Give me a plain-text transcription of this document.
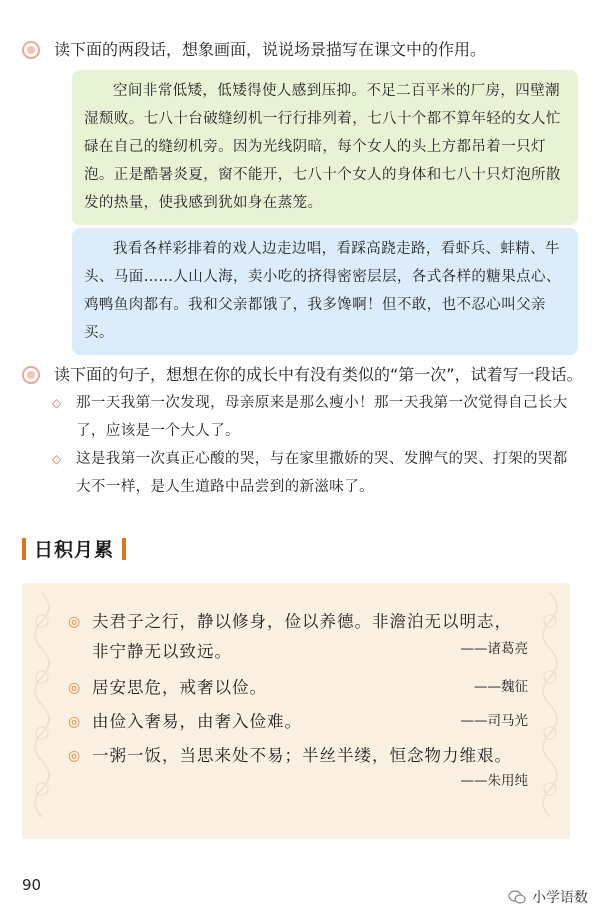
读下面的两段话，想象画面，说说场景描写在课文中的作用。

空间非常低矮，低矮得使人感到压抑。不足二百平米的厂房，四壁潮湿颓败。七八十台破缝纫机一行行排列着，七八十个都不算年轻的女人忙碌在自己的缝纫机旁。因为光线阴暗，每个女人的头上方都吊着一只灯泡。正是酷暑炎夏，窗不能开，七八十个女人的身体和七八十只灯泡所散发的热量，使我感到犹如身在蒸笼。

我看各样彩排着的戏人边走边唱，看踩高跷走路，看虾兵、蚌精、牛头、马面……人山人海，卖小吃的挤得密密层层，各式各样的糖果点心、鸡鸭鱼肉都有。我和父亲都饿了，我多馋啊！但不敢，也不忍心叫父亲买。

读下面的句子，想想在你的成长中有没有类似的“第一次”，试着写一段话。
◇ 那一天我第一次发现，母亲原来是那么瘦小！那一天我第一次觉得自己长大了，应该是一个大人了。

◇ 这是我第一次真正心酸的哭，与在家里撒娇的哭、发脾气的哭、打架的哭都大不一样，是人生道路中品尝到的新滋味了。

日积月累
◎ 夫君子之行，静以修身，俭以养德。非澹泊无以明志，非宁静无以致远。	——诸葛亮
◎ 居安思危，戒奢以俭。	——魏征
◎ 由俭入奢易，由奢入俭难。	——司马光
◎ 一粥一饭，当思来处不易；半丝半缕，恒念物力维艰。
——朱用纯
90
小学语数
